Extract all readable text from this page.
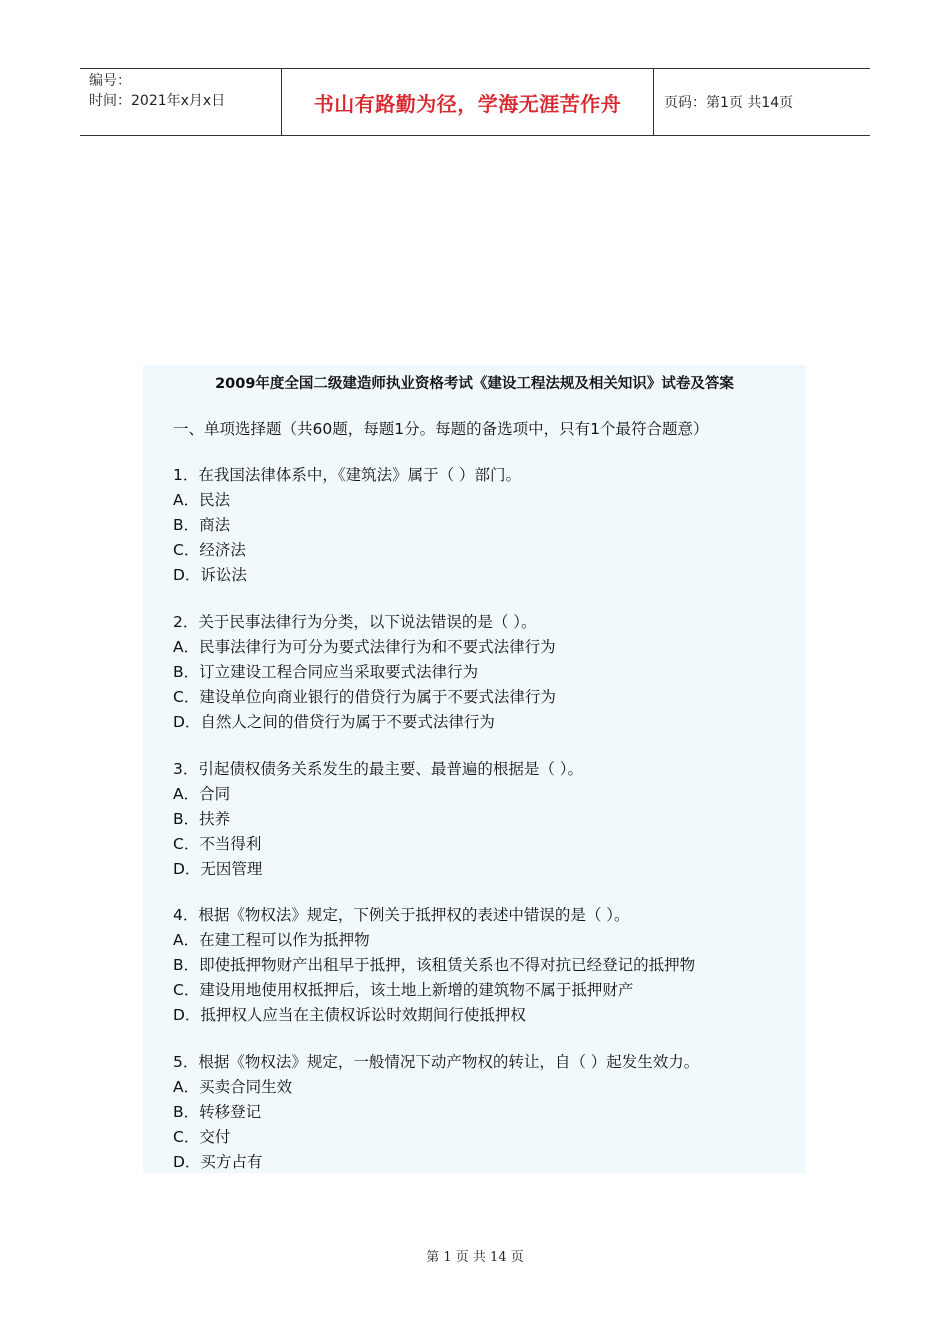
编号：
时间：2021年x月x日	书山有路勤为径，学海无涯苦作舟	页码：第1页 共14页
2009年度全国二级建造师执业资格考试《建设工程法规及相关知识》试卷及答案
一、单项选择题（共60题，每题1分。每题的备选项中，只有1个最符合题意）
1．在我国法律体系中，《建筑法》属于（ ）部门。
A．民法
B．商法
C．经济法
D．诉讼法
2．关于民事法律行为分类，以下说法错误的是（ ）。
A．民事法律行为可分为要式法律行为和不要式法律行为
B．订立建设工程合同应当采取要式法律行为
C．建设单位向商业银行的借贷行为属于不要式法律行为
D．自然人之间的借贷行为属于不要式法律行为
3．引起债权债务关系发生的最主要、最普遍的根据是（ ）。
A．合同
B．扶养
C．不当得利
D．无因管理
4．根据《物权法》规定，下例关于抵押权的表述中错误的是（ ）。
A．在建工程可以作为抵押物
B．即使抵押物财产出租早于抵押，该租赁关系也不得对抗已经登记的抵押物
C．建设用地使用权抵押后，该土地上新增的建筑物不属于抵押财产
D．抵押权人应当在主债权诉讼时效期间行使抵押权
5．根据《物权法》规定，一般情况下动产物权的转让，自（ ）起发生效力。
A．买卖合同生效
B．转移登记
C．交付
D．买方占有
第 1 页 共 14 页
